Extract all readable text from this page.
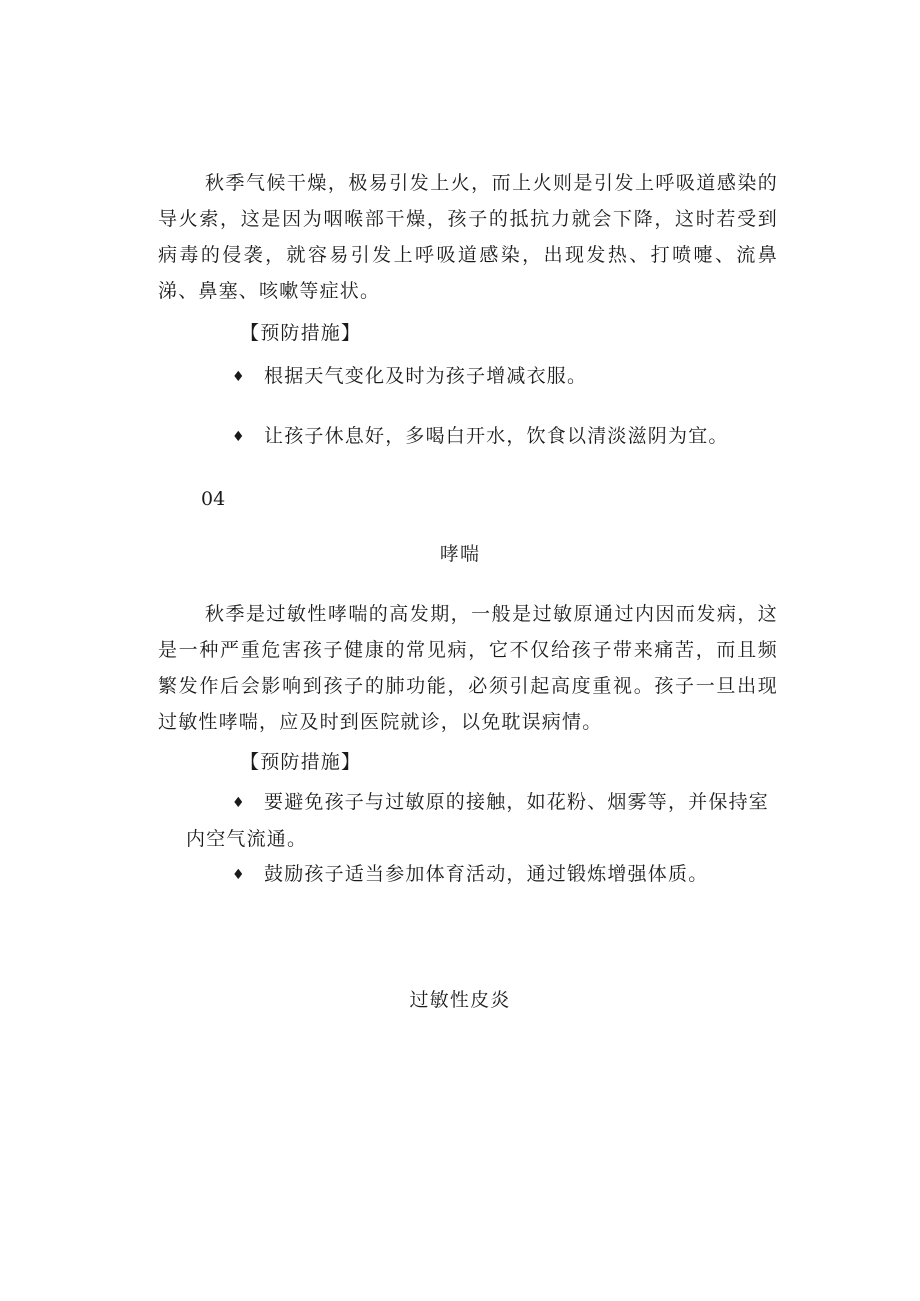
秋季气候干燥，极易引发上火，而上火则是引发上呼吸道感染的导火索，这是因为咽喉部干燥，孩子的抵抗力就会下降，这时若受到病毒的侵袭，就容易引发上呼吸道感染，出现发热、打喷嚏、流鼻涕、鼻塞、咳嗽等症状。

【预防措施】

♦ 根据天气变化及时为孩子增减衣服。

♦ 让孩子休息好，多喝白开水，饮食以清淡滋阴为宜。

04

哮喘

秋季是过敏性哮喘的高发期，一般是过敏原通过内因而发病，这是一种严重危害孩子健康的常见病，它不仅给孩子带来痛苦，而且频繁发作后会影响到孩子的肺功能，必须引起高度重视。孩子一旦出现过敏性哮喘，应及时到医院就诊，以免耽误病情。

【预防措施】

♦ 要避免孩子与过敏原的接触，如花粉、烟雾等，并保持室
内空气流通。

♦ 鼓励孩子适当参加体育活动，通过锻炼增强体质。

过敏性皮炎
